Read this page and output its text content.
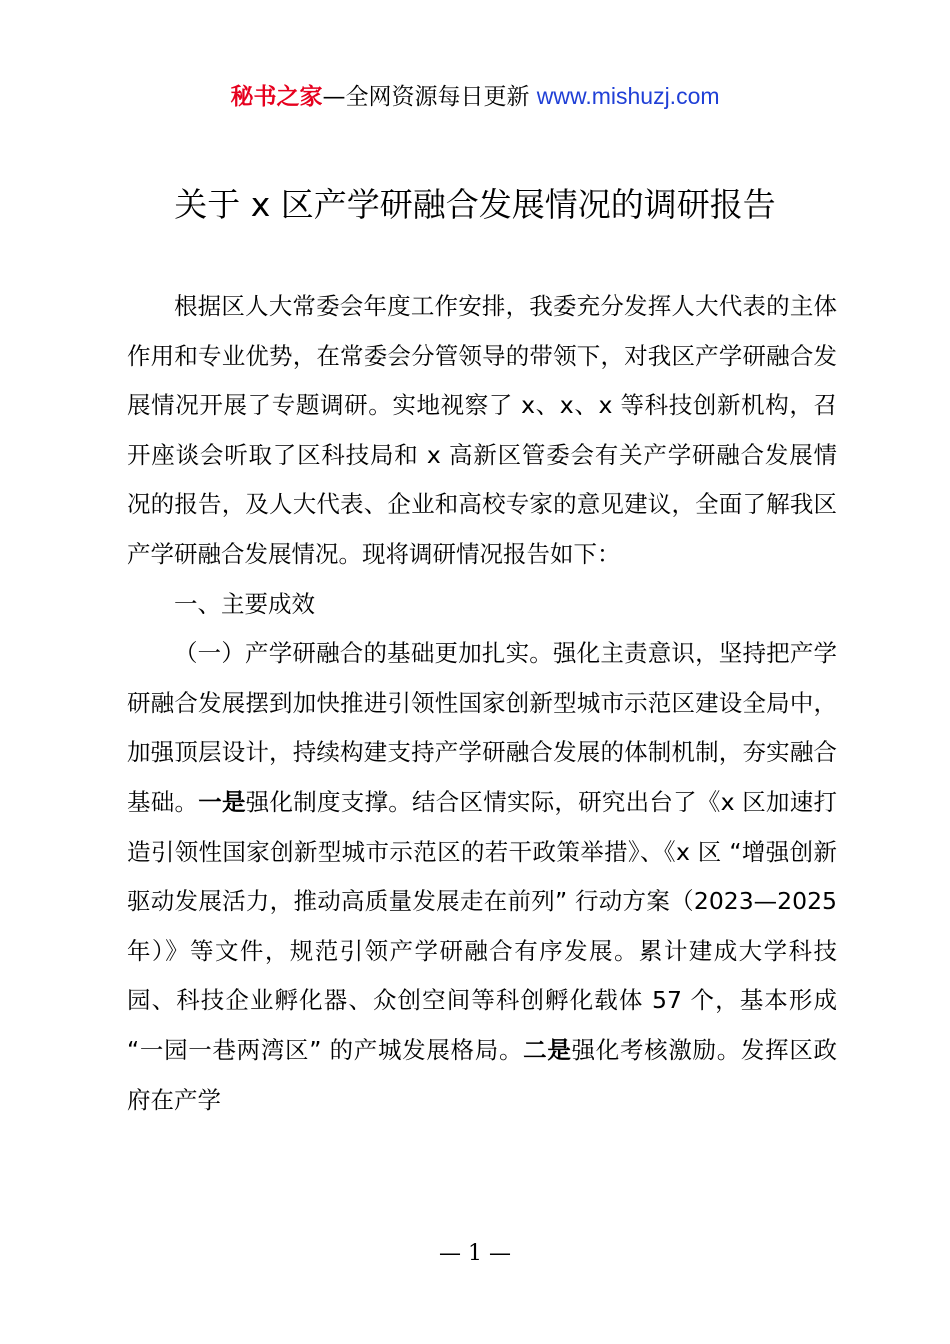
秘书之家—全网资源每日更新 www.mishuzj.com
关于 x 区产学研融合发展情况的调研报告

根据区人大常委会年度工作安排，我委充分发挥人大代表的主体作用和专业优势，在常委会分管领导的带领下，对我区产学研融合发展情况开展了专题调研。实地视察了 x、x、x 等科技创新机构，召开座谈会听取了区科技局和 x 高新区管委会有关产学研融合发展情况的报告，及人大代表、企业和高校专家的意见建议，全面了解我区产学研融合发展情况。现将调研情况报告如下：

一、主要成效

（一）产学研融合的基础更加扎实。强化主责意识，坚持把产学研融合发展摆到加快推进引领性国家创新型城市示范区建设全局中，加强顶层设计，持续构建支持产学研融合发展的体制机制，夯实融合基础。一是强化制度支撑。结合区情实际，研究出台了《x 区加速打造引领性国家创新型城市示范区的若干政策举措》、《x 区 “增强创新驱动发展活力，推动高质量发展走在前列” 行动方案（2023—2025 年）》等文件，规范引领产学研融合有序发展。累计建成大学科技园、科技企业孵化器、众创空间等科创孵化载体 57 个，基本形成 “一园一巷两湾区” 的产城发展格局。二是强化考核激励。发挥区政府在产学

— 1 —
